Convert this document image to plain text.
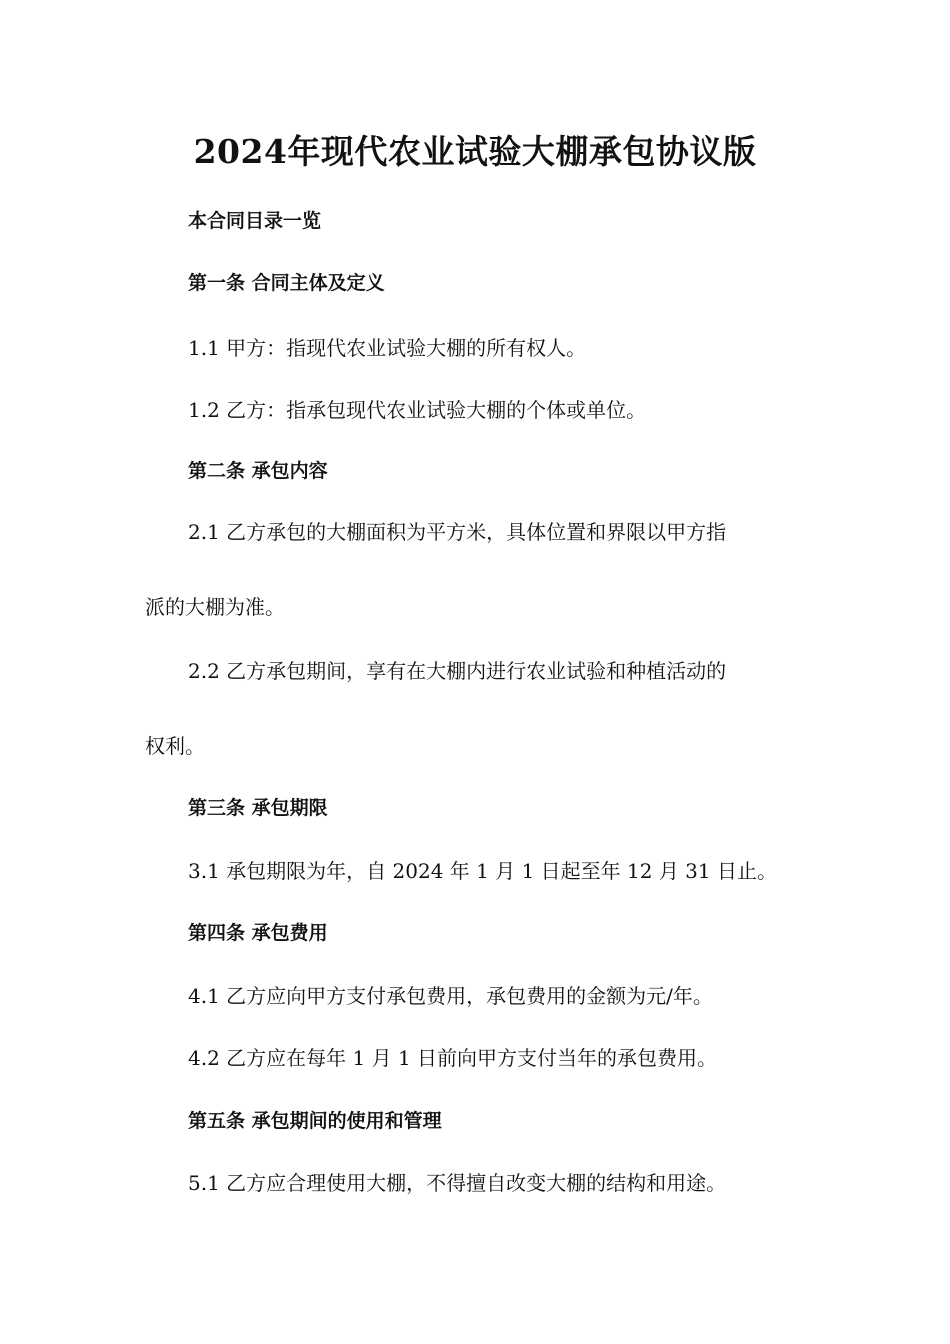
2024年现代农业试验大棚承包协议版

本合同目录一览

第一条 合同主体及定义

1.1 甲方：指现代农业试验大棚的所有权人。

1.2 乙方：指承包现代农业试验大棚的个体或单位。

第二条 承包内容

2.1 乙方承包的大棚面积为平方米，具体位置和界限以甲方指

派的大棚为准。

2.2 乙方承包期间，享有在大棚内进行农业试验和种植活动的

权利。

第三条 承包期限

3.1 承包期限为年，自 2024 年 1 月 1 日起至年 12 月 31 日止。

第四条 承包费用

4.1 乙方应向甲方支付承包费用，承包费用的金额为元/年。

4.2 乙方应在每年 1 月 1 日前向甲方支付当年的承包费用。

第五条 承包期间的使用和管理

5.1 乙方应合理使用大棚，不得擅自改变大棚的结构和用途。
